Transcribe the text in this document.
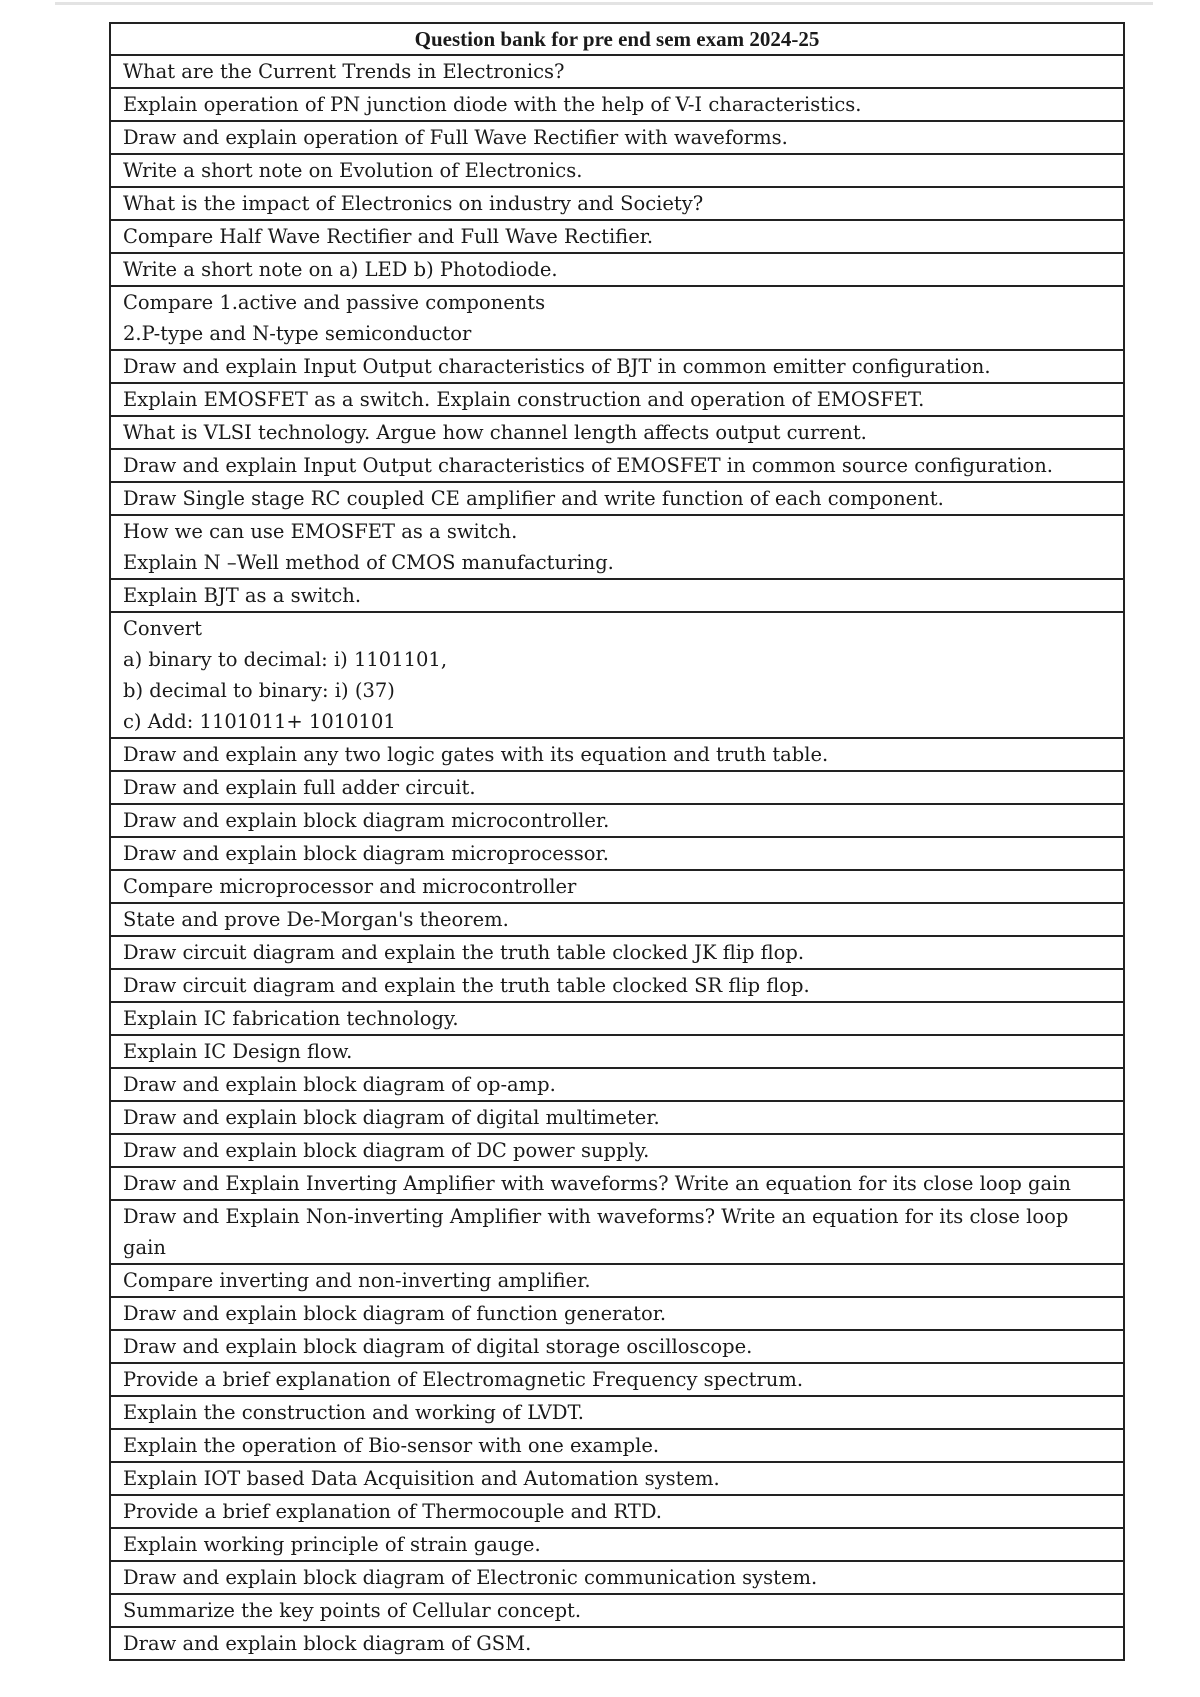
Question bank for pre end sem exam 2024-25

What are the Current Trends in Electronics?

Explain operation of PN junction diode with the help of V-I characteristics.

Draw and explain operation of Full Wave Rectifier with waveforms.

Write a short note on Evolution of Electronics.

What is the impact of Electronics on industry and Society?

Compare Half Wave Rectifier and Full Wave Rectifier.

Write a short note on a) LED b) Photodiode.

Compare 1.active and passive components
2.P-type and N-type semiconductor

Draw and explain Input Output characteristics of BJT in common emitter configuration.

Explain EMOSFET as a switch. Explain construction and operation of EMOSFET.

What is VLSI technology. Argue how channel length affects output current.

Draw and explain Input Output characteristics of EMOSFET in common source configuration.

Draw Single stage RC coupled CE amplifier and write function of each component.

How we can use EMOSFET as a switch.
Explain N –Well method of CMOS manufacturing.

Explain BJT as a switch.

Convert
a) binary to decimal: i) 1101101,
b) decimal to binary: i) (37)
c) Add: 1101011+ 1010101

Draw and explain any two logic gates with its equation and truth table.

Draw and explain full adder circuit.

Draw and explain block diagram microcontroller.

Draw and explain block diagram microprocessor.

Compare microprocessor and microcontroller

State and prove De-Morgan's theorem.

Draw circuit diagram and explain the truth table clocked JK flip flop.

Draw circuit diagram and explain the truth table clocked SR flip flop.

Explain IC fabrication technology.

Explain IC Design flow.

Draw and explain block diagram of op-amp.

Draw and explain block diagram of digital multimeter.

Draw and explain block diagram of DC power supply.

Draw and Explain Inverting Amplifier with waveforms? Write an equation for its close loop gain

Draw and Explain Non-inverting Amplifier with waveforms? Write an equation for its close loop gain

Compare inverting and non-inverting amplifier.

Draw and explain block diagram of function generator.

Draw and explain block diagram of digital storage oscilloscope.

Provide a brief explanation of Electromagnetic Frequency spectrum.

Explain the construction and working of LVDT.

Explain the operation of Bio-sensor with one example.

Explain IOT based Data Acquisition and Automation system.

Provide a brief explanation of Thermocouple and RTD.

Explain working principle of strain gauge.

Draw and explain block diagram of Electronic communication system.

Summarize the key points of Cellular concept.

Draw and explain block diagram of GSM.
